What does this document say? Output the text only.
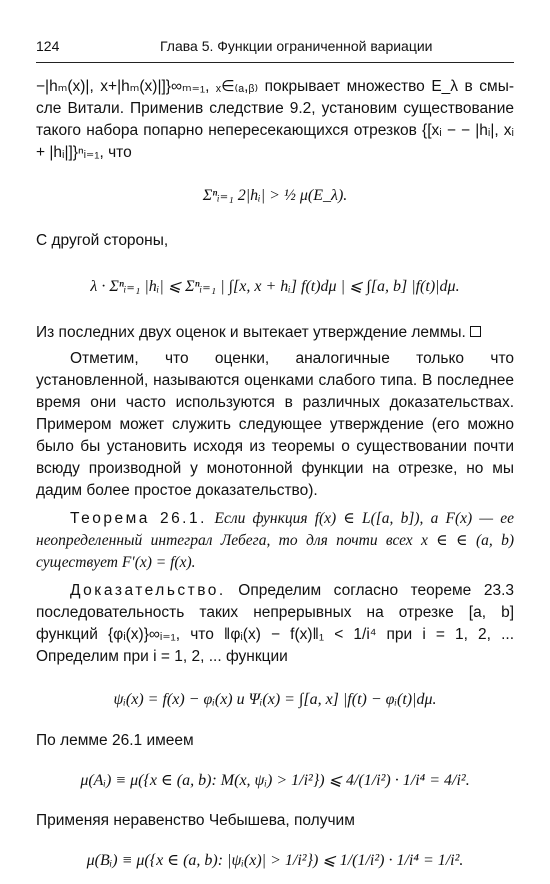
124	Глава 5. Функции ограниченной вариации

−|hₘ(x)|, x+|hₘ(x)|]}∞ₘ₌₁, ₓ∈₍ₐ,ᵦ₎ покрывает множество E_λ в смы- сле Витали. Применив следствие 9.2, установим существование такого набора попарно непересекающихся отрезков {[xᵢ − − |hᵢ|, xᵢ + |hᵢ|]}ⁿᵢ₌₁, что

Σⁿᵢ₌₁ 2|hᵢ| > ½ μ(E_λ).

С другой стороны,

λ · Σⁿᵢ₌₁ |hᵢ| ⩽ Σⁿᵢ₌₁ | ∫[x, x + hᵢ] f(t)dμ | ⩽ ∫[a, b] |f(t)|dμ.

Из последних двух оценок и вытекает утверждение леммы.

Отметим, что оценки, аналогичные только что установленной, называются оценками слабого типа. В последнее время они часто используются в различных доказательствах. Примером может служить следующее утверждение (его можно было бы установить исходя из теоремы о существовании почти всюду производной у монотонной функции на отрезке, но мы дадим более простое доказательство).

Теорема 26.1. Если функция f(x) ∈ L([a, b]), а F(x) — ее неопределенный интеграл Лебега, то для почти всех x ∈ ∈ (a, b) существует F′(x) = f(x).

Доказательство. Определим согласно теореме 23.3 последовательность таких непрерывных на отрезке [a, b] функций {φᵢ(x)}∞ᵢ₌₁, что ‖φᵢ(x) − f(x)‖₁ < 1/i⁴ при i = 1, 2, ... Определим при i = 1, 2, ... функции

ψᵢ(x) = f(x) − φᵢ(x) и Ψᵢ(x) = ∫[a, x] |f(t) − φᵢ(t)|dμ.

По лемме 26.1 имеем

μ(Aᵢ) ≡ μ({x ∈ (a, b): M(x, ψᵢ) > 1/i²}) ⩽ 4/(1/i²) · 1/i⁴ = 4/i².

Применяя неравенство Чебышева, получим

μ(Bᵢ) ≡ μ({x ∈ (a, b): |ψᵢ(x)| > 1/i²}) ⩽ 1/(1/i²) · 1/i⁴ = 1/i².
